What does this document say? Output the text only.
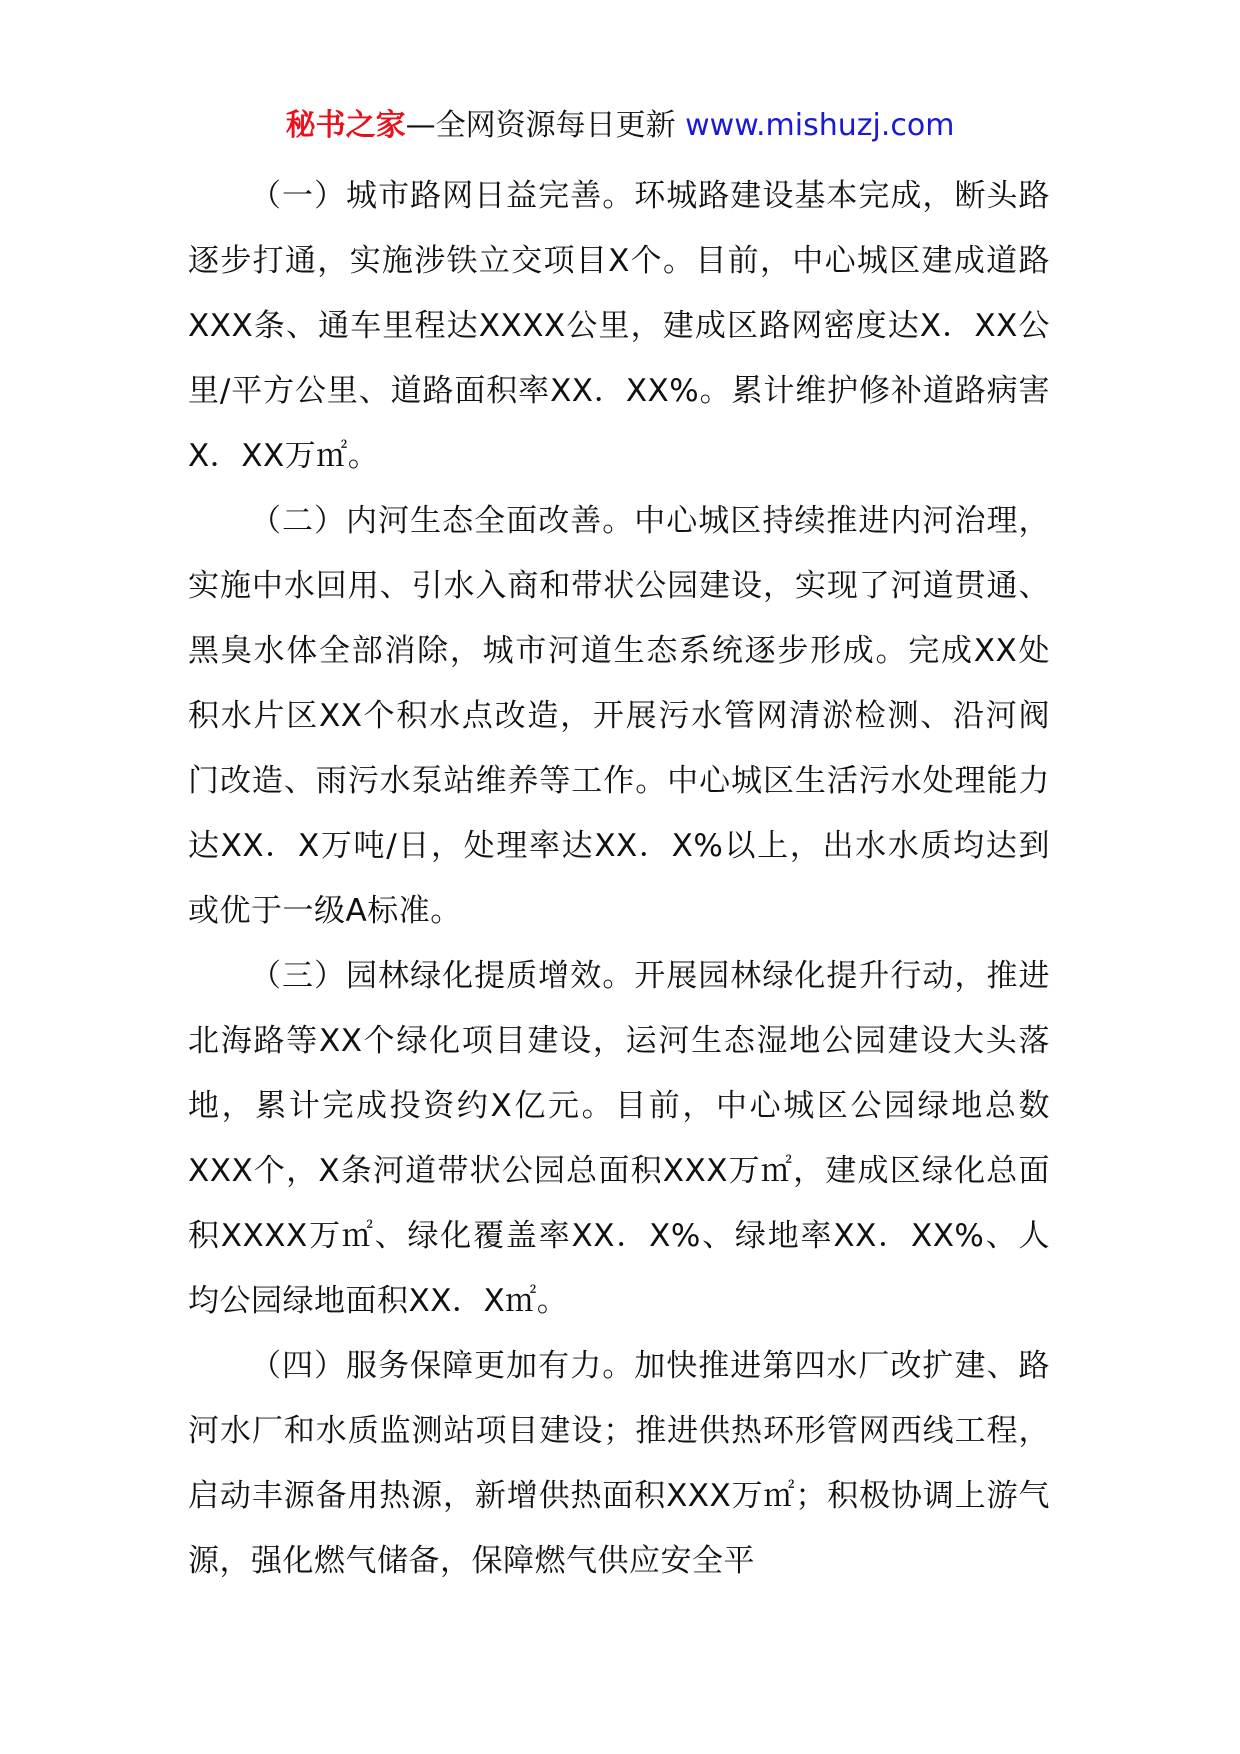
秘书之家—全网资源每日更新 www.mishuzj.com

（一）城市路网日益完善。环城路建设基本完成，断头路逐步打通，实施涉铁立交项目X个。目前，中心城区建成道路XXX条、通车里程达XXXX公里，建成区路网密度达X．XX公里/平方公里、道路面积率XX．XX%。累计维护修补道路病害X．XX万㎡。

（二）内河生态全面改善。中心城区持续推进内河治理，实施中水回用、引水入商和带状公园建设，实现了河道贯通、黑臭水体全部消除，城市河道生态系统逐步形成。完成XX处积水片区XX个积水点改造，开展污水管网清淤检测、沿河阀门改造、雨污水泵站维养等工作。中心城区生活污水处理能力达XX．X万吨/日，处理率达XX．X%以上，出水水质均达到或优于一级A标准。

（三）园林绿化提质增效。开展园林绿化提升行动，推进北海路等XX个绿化项目建设，运河生态湿地公园建设大头落地，累计完成投资约X亿元。目前，中心城区公园绿地总数XXX个，X条河道带状公园总面积XXX万㎡，建成区绿化总面积XXXX万㎡、绿化覆盖率XX．X%、绿地率XX．XX%、人均公园绿地面积XX．X㎡。

（四）服务保障更加有力。加快推进第四水厂改扩建、路河水厂和水质监测站项目建设；推进供热环形管网西线工程，启动丰源备用热源，新增供热面积XXX万㎡；积极协调上游气源，强化燃气储备，保障燃气供应安全平
